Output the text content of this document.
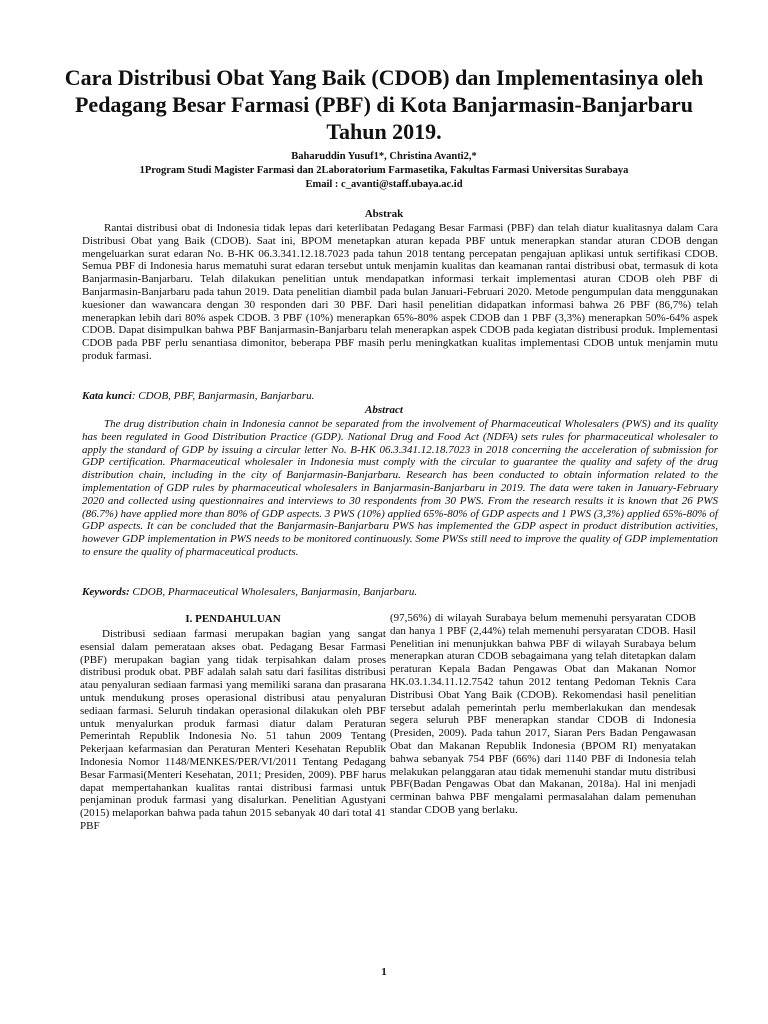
Cara Distribusi Obat Yang Baik (CDOB) dan Implementasinya oleh Pedagang Besar Farmasi (PBF) di Kota Banjarmasin-Banjarbaru Tahun 2019.
Baharuddin Yusuf1*, Christina Avanti2,*
1Program Studi Magister Farmasi dan 2Laboratorium Farmasetika, Fakultas Farmasi Universitas Surabaya
Email : c_avanti@staff.ubaya.ac.id
Abstrak

Rantai distribusi obat di Indonesia tidak lepas dari keterlibatan Pedagang Besar Farmasi (PBF) dan telah diatur kualitasnya dalam Cara Distribusi Obat yang Baik (CDOB). Saat ini, BPOM menetapkan aturan kepada PBF untuk menerapkan standar aturan CDOB dengan mengeluarkan surat edaran No. B-HK 06.3.341.12.18.7023 pada tahun 2018 tentang percepatan pengajuan aplikasi untuk sertifikasi CDOB. Semua PBF di Indonesia harus mematuhi surat edaran tersebut untuk menjamin kualitas dan keamanan rantai distribusi obat, termasuk di kota Banjarmasin-Banjarbaru. Telah dilakukan penelitian untuk mendapatkan informasi terkait implementasi aturan CDOB oleh PBF di Banjarmasin-Banjarbaru pada tahun 2019. Data penelitian diambil pada bulan Januari-Februari 2020. Metode pengumpulan data menggunakan kuesioner dan wawancara dengan 30 responden dari 30 PBF. Dari hasil penelitian didapatkan informasi bahwa 26 PBF (86,7%) telah menerapkan lebih dari 80% aspek CDOB. 3 PBF (10%) menerapkan 65%-80% aspek CDOB dan 1 PBF (3,3%) menerapkan 50%-64% aspek CDOB. Dapat disimpulkan bahwa PBF Banjarmasin-Banjarbaru telah menerapkan aspek CDOB pada kegiatan distribusi produk. Implementasi CDOB pada PBF perlu senantiasa dimonitor, beberapa PBF masih perlu meningkatkan kualitas implementasi CDOB untuk menjamin mutu produk farmasi.

Kata kunci: CDOB, PBF, Banjarmasin, Banjarbaru.

Abstract

The drug distribution chain in Indonesia cannot be separated from the involvement of Pharmaceutical Wholesalers (PWS) and its quality has been regulated in Good Distribution Practice (GDP). National Drug and Food Act (NDFA) sets rules for pharmaceutical wholesaler to apply the standard of GDP by issuing a circular letter No. B-HK 06.3.341.12.18.7023 in 2018 concerning the acceleration of submission for GDP certification. Pharmaceutical wholesaler in Indonesia must comply with the circular to guarantee the quality and safety of the drug distribution chain, including in the city of Banjarmasin-Banjarbaru. Research has been conducted to obtain information related to the implementation of GDP rules by pharmaceutical wholesalers in Banjarmasin-Banjarbaru in 2019. The data were taken in January-February 2020 and collected using questionnaires and interviews to 30 respondents from 30 PWS. From the research results it is known that 26 PWS (86.7%) have applied more than 80% of GDP aspects. 3 PWS (10%) applied 65%-80% of GDP aspects and 1 PWS (3,3%) applied 65%-80% of GDP aspects. It can be concluded that the Banjarmasin-Banjarbaru PWS has implemented the GDP aspect in product distribution activities, however GDP implementation in PWS needs to be monitored continuously. Some PWSs still need to improve the quality of GDP implementation to ensure the quality of pharmaceutical products.

Keywords: CDOB, Pharmaceutical Wholesalers, Banjarmasin, Banjarbaru.

I. PENDAHULUAN

Distribusi sediaan farmasi merupakan bagian yang sangat esensial dalam pemerataan akses obat. Pedagang Besar Farmasi (PBF) merupakan bagian yang tidak terpisahkan dalam proses distribusi produk obat. PBF adalah salah satu dari fasilitas distribusi atau penyaluran sediaan farmasi yang memiliki sarana dan prasarana untuk mendukung proses operasional distribusi atau penyaluran sediaan farmasi. Seluruh tindakan operasional dilakukan oleh PBF untuk menyalurkan produk farmasi diatur dalam Peraturan Pemerintah Republik Indonesia No. 51 tahun 2009 Tentang Pekerjaan kefarmasian dan Peraturan Menteri Kesehatan Republik Indonesia Nomor 1148/MENKES/PER/VI/2011 Tentang Pedagang Besar Farmasi(Menteri Kesehatan, 2011; Presiden, 2009). PBF harus dapat mempertahankan kualitas rantai distribusi farmasi untuk penjaminan produk farmasi yang disalurkan. Penelitian Agustyani (2015) melaporkan bahwa pada tahun 2015 sebanyak 40 dari total 41 PBF

(97,56%) di wilayah Surabaya belum memenuhi persyaratan CDOB dan hanya 1 PBF (2,44%) telah memenuhi persyaratan CDOB. Hasil Penelitian ini menunjukkan bahwa PBF di wilayah Surabaya belum menerapkan aturan CDOB sebagaimana yang telah ditetapkan dalam peraturan Kepala Badan Pengawas Obat dan Makanan Nomor HK.03.1.34.11.12.7542 tahun 2012 tentang Pedoman Teknis Cara Distribusi Obat Yang Baik (CDOB). Rekomendasi hasil penelitian tersebut adalah pemerintah perlu memberlakukan dan mendesak segera seluruh PBF menerapkan standar CDOB di Indonesia (Presiden, 2009). Pada tahun 2017, Siaran Pers Badan Pengawasan Obat dan Makanan Republik Indonesia (BPOM RI) menyatakan bahwa sebanyak 754 PBF (66%) dari 1140 PBF di Indonesia telah melakukan pelanggaran atau tidak memenuhi standar mutu distribusi PBF(Badan Pengawas Obat dan Makanan, 2018a). Hal ini menjadi cerminan bahwa PBF mengalami permasalahan dalam pemenuhan standar CDOB yang berlaku.

1
